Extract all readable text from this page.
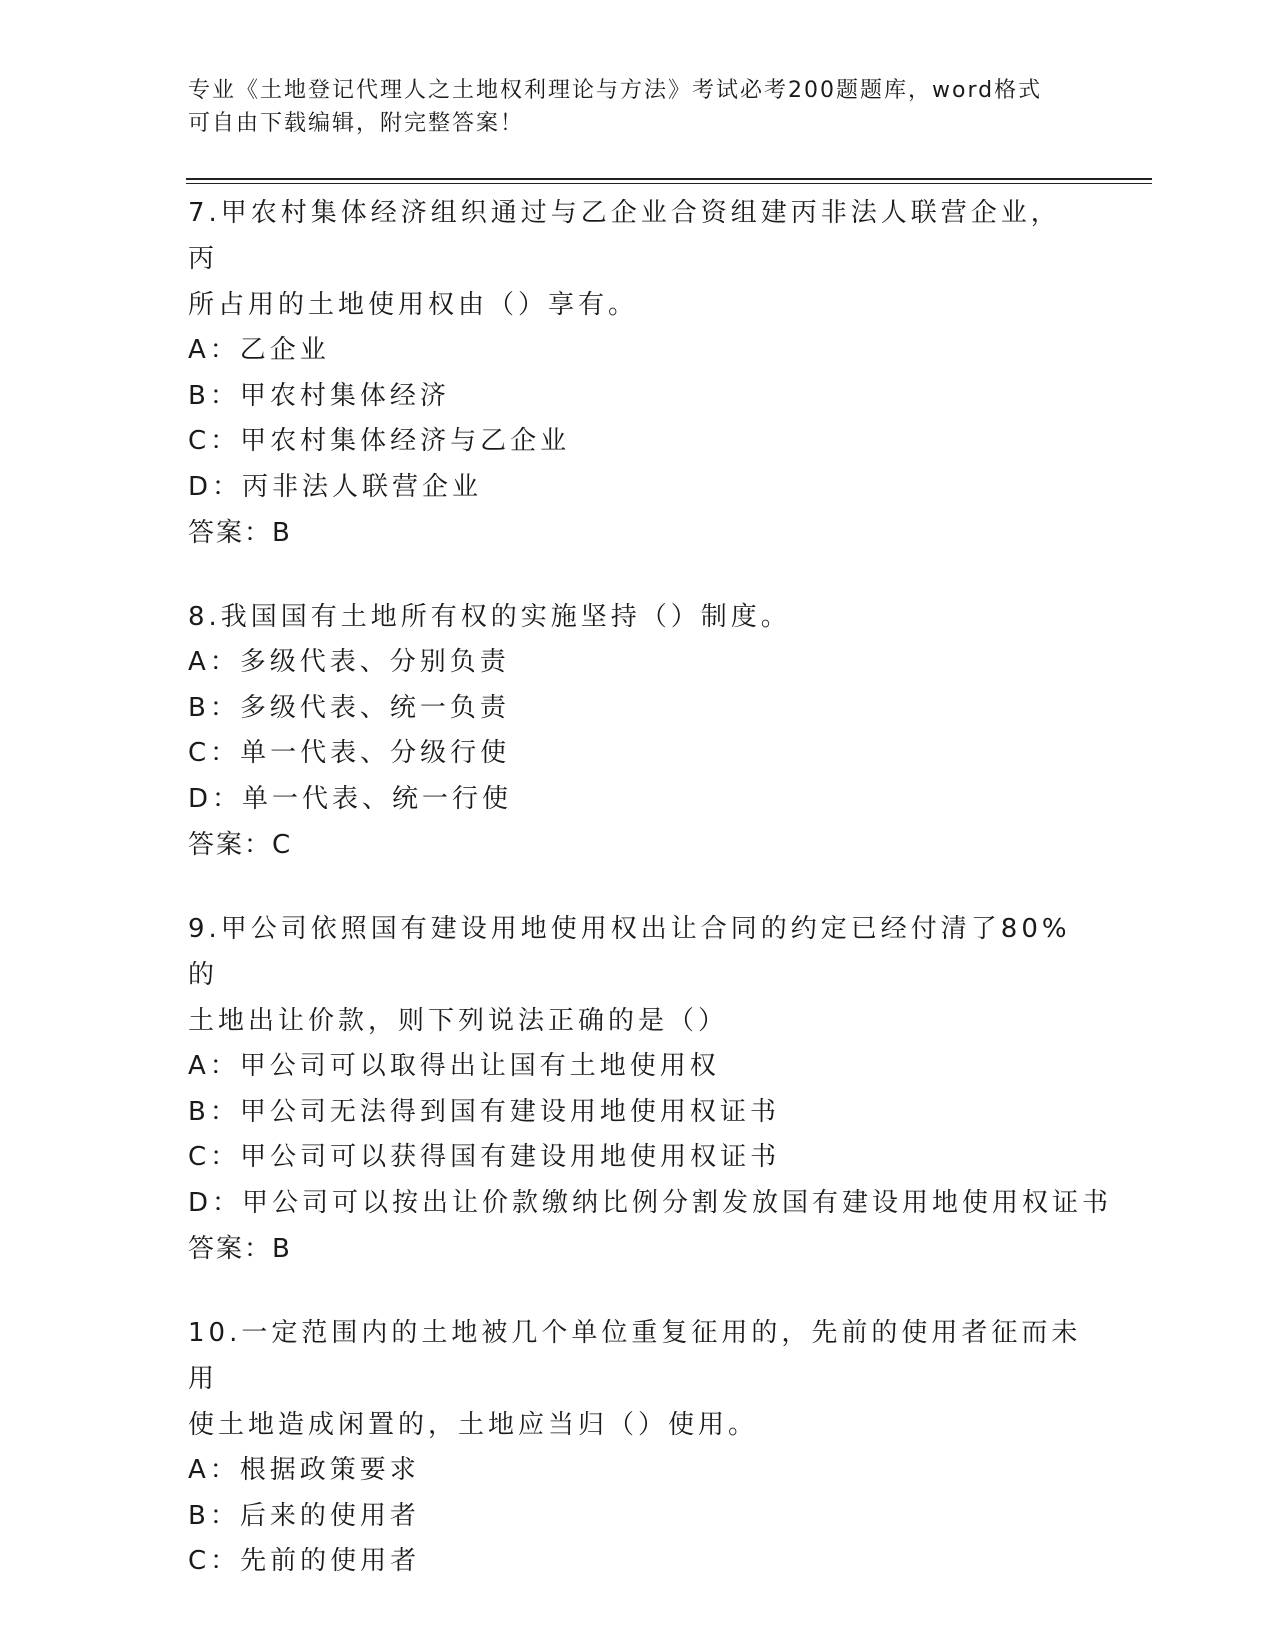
专业《土地登记代理人之土地权利理论与方法》考试必考200题题库，word格式
可自由下载编辑，附完整答案！

7.甲农村集体经济组织通过与乙企业合资组建丙非法人联营企业，丙
所占用的土地使用权由（）享有。

A：乙企业

B：甲农村集体经济

C：甲农村集体经济与乙企业

D：丙非法人联营企业

答案：B

8.我国国有土地所有权的实施坚持（）制度。

A：多级代表、分别负责

B：多级代表、统一负责

C：单一代表、分级行使

D：单一代表、统一行使

答案：C

9.甲公司依照国有建设用地使用权出让合同的约定已经付清了80%的
土地出让价款，则下列说法正确的是（）

A：甲公司可以取得出让国有土地使用权

B：甲公司无法得到国有建设用地使用权证书

C：甲公司可以获得国有建设用地使用权证书

D：甲公司可以按出让价款缴纳比例分割发放国有建设用地使用权证书

答案：B

10.一定范围内的土地被几个单位重复征用的，先前的使用者征而未用
使土地造成闲置的，土地应当归（）使用。

A：根据政策要求

B：后来的使用者

C：先前的使用者
